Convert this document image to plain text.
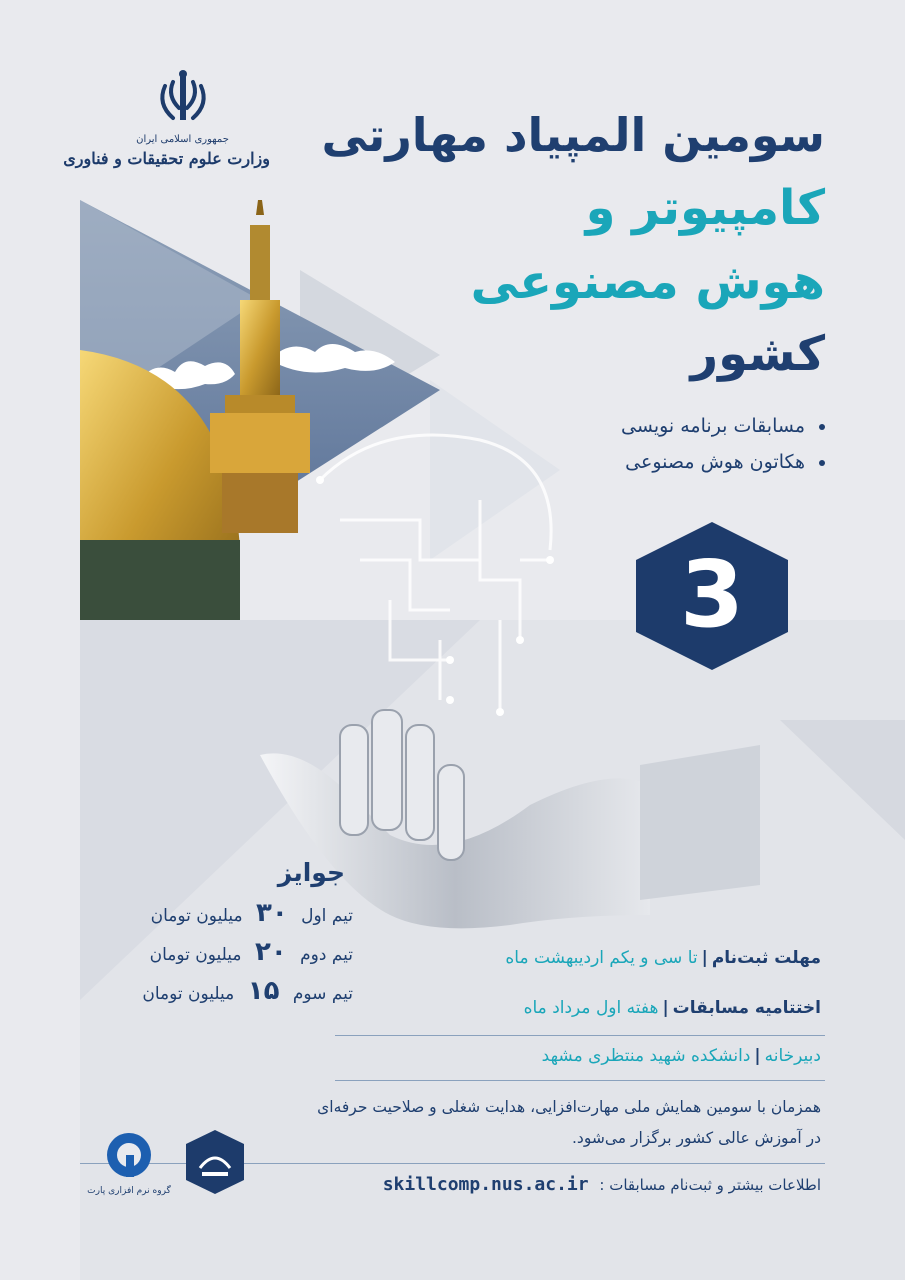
جمهوری اسلامی ایران
وزارت علوم تحقیقات و فناوری سومین المپیاد مهارتی
کامپیوتر و
هوش مصنوعی
کشور
مسابقات برنامه نویسی
هکاتون هوش مصنوعی
3
جوایز
تیم اول ۳۰ میلیون تومان
تیم دوم ۲۰ میلیون تومان
تیم سوم ۱۵ میلیون تومان
مهلت ثبت‌نام|تا سی و یکم اردیبهشت ماه
اختتامیه مسابقات|هفته اول مرداد ماه
دبیرخانه|دانشکده شهید منتظری مشهد
همزمان با سومین همایش ملی مهارت‌افزایی، هدایت شغلی و صلاحیت حرفه‌ای در آموزش عالی کشور برگزار می‌شود.
اطلاعات بیشتر و ثبت‌نام مسابقات : skillcomp.nus.ac.ir
گروه نرم افزاری پارت
